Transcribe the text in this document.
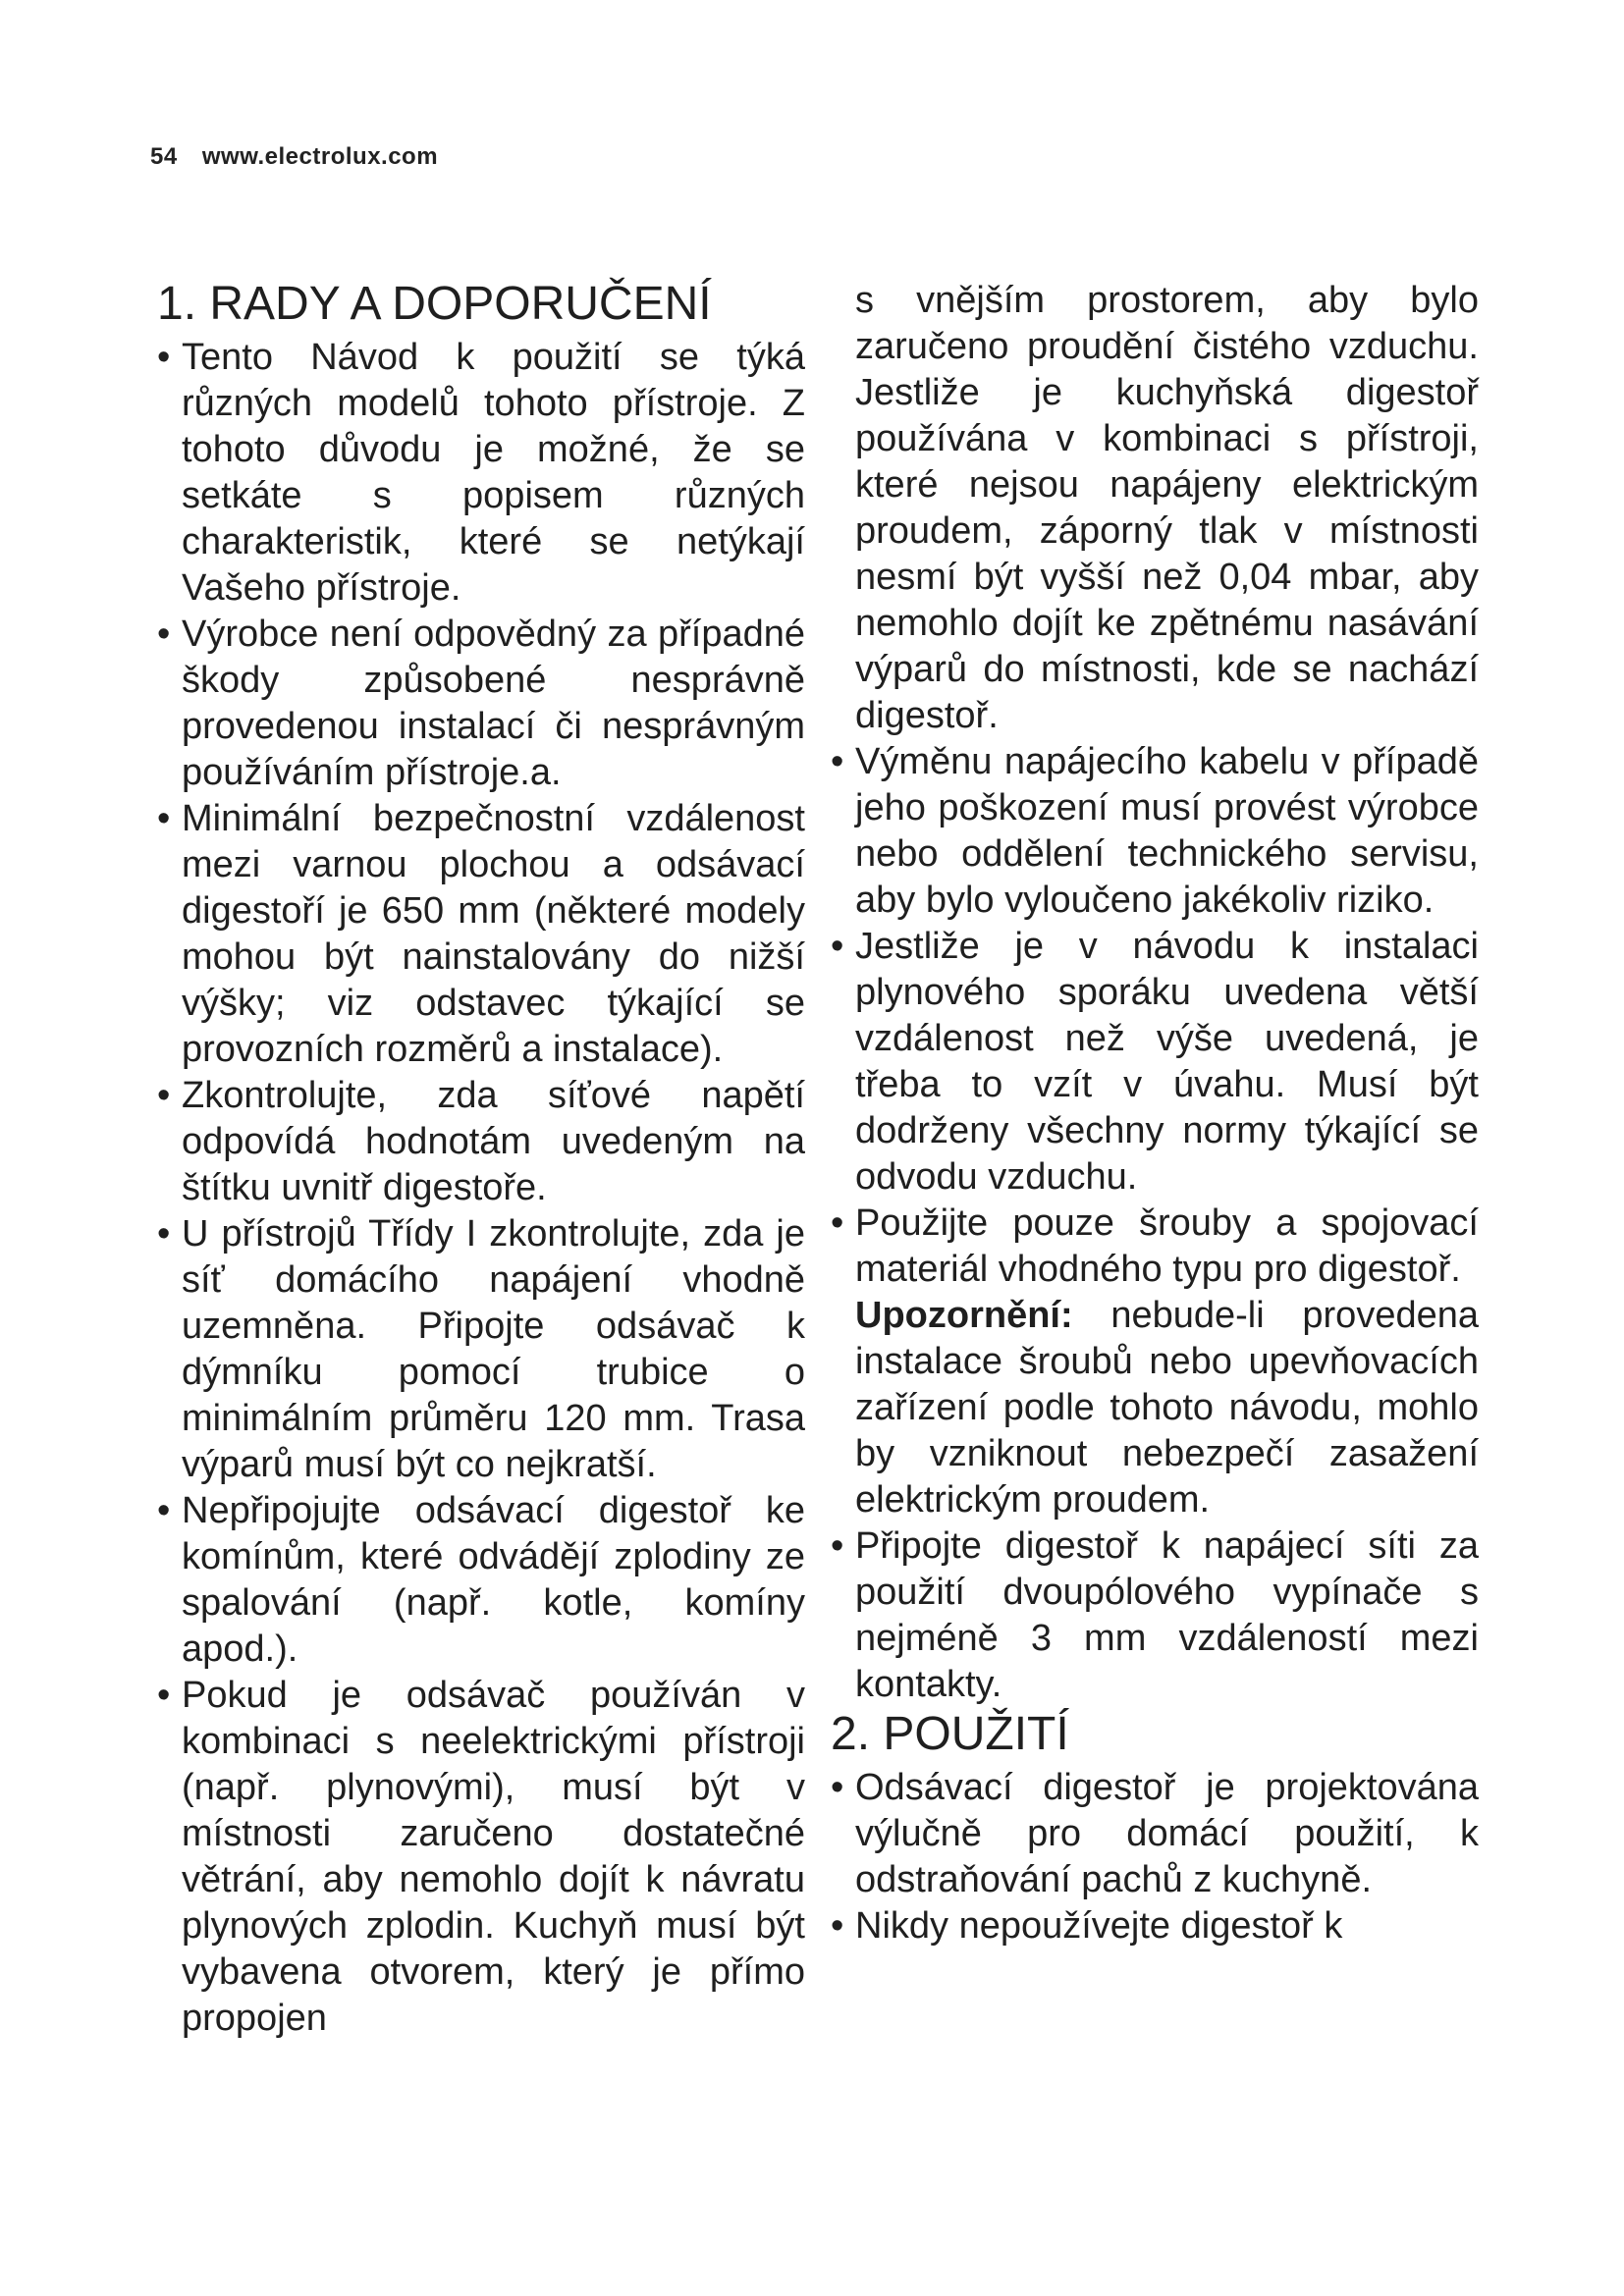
54 www.electrolux.com
1. RADY A DOPORUČENÍ
• Tento Návod k použití se týká různých modelů tohoto přístroje. Z tohoto důvodu je možné, že se setkáte s popisem různých charakteristik, které se netýkají Vašeho přístroje.
• Výrobce není odpovědný za případné škody způsobené nesprávně provedenou instalací či nesprávným používáním přístroje.a.
• Minimální bezpečnostní vzdálenost mezi varnou plochou a odsávací digestoří je 650 mm (některé modely mohou být nainstalovány do nižší výšky; viz odstavec týkající se provozních rozměrů a instalace).
• Zkontrolujte, zda síťové napětí odpovídá hodnotám uvedeným na štítku uvnitř digestoře.
• U přístrojů Třídy I zkontrolujte, zda je síť domácího napájení vhodně uzemněna. Připojte odsávač k dýmníku pomocí trubice o minimálním průměru 120 mm. Trasa výparů musí být co nejkratší.
• Nepřipojujte odsávací digestoř ke komínům, které odvádějí zplodiny ze spalování (např. kotle, komíny apod.).
• Pokud je odsávač používán v kombinaci s neelektrickými přístroji (např. plynovými), musí být v místnosti zaručeno dostatečné větrání, aby nemohlo dojít k návratu plynových zplodin. Kuchyň musí být vybavena otvorem, který je přímo propojen

s vnějším prostorem, aby bylo zaručeno proudění čistého vzduchu. Jestliže je kuchyňská digestoř používána v kombinaci s přístroji, které nejsou napájeny elektrickým proudem, záporný tlak v místnosti nesmí být vyšší než 0,04 mbar, aby nemohlo dojít ke zpětnému nasávání výparů do místnosti, kde se nachází digestoř.

• Výměnu napájecího kabelu v případě jeho poškození musí provést výrobce nebo oddělení technického servisu, aby bylo vyloučeno jakékoliv riziko.
• Jestliže je v návodu k instalaci plynového sporáku uvedena větší vzdálenost než výše uvedená, je třeba to vzít v úvahu. Musí být dodrženy všechny normy týkající se odvodu vzduchu.
• Použijte pouze šrouby a spojovací materiál vhodného typu pro digestoř.

Upozornění: nebude-li provedena instalace šroubů nebo upevňovacích zařízení podle tohoto návodu, mohlo by vzniknout nebezpečí zasažení elektrickým proudem.

• Připojte digestoř k napájecí síti za použití dvoupólového vypínače s nejméně 3 mm vzdáleností mezi kontakty.
2. POUŽITÍ
• Odsávací digestoř je projektována výlučně pro domácí použití, k odstraňování pachů z kuchyně.
• Nikdy nepoužívejte digestoř k
